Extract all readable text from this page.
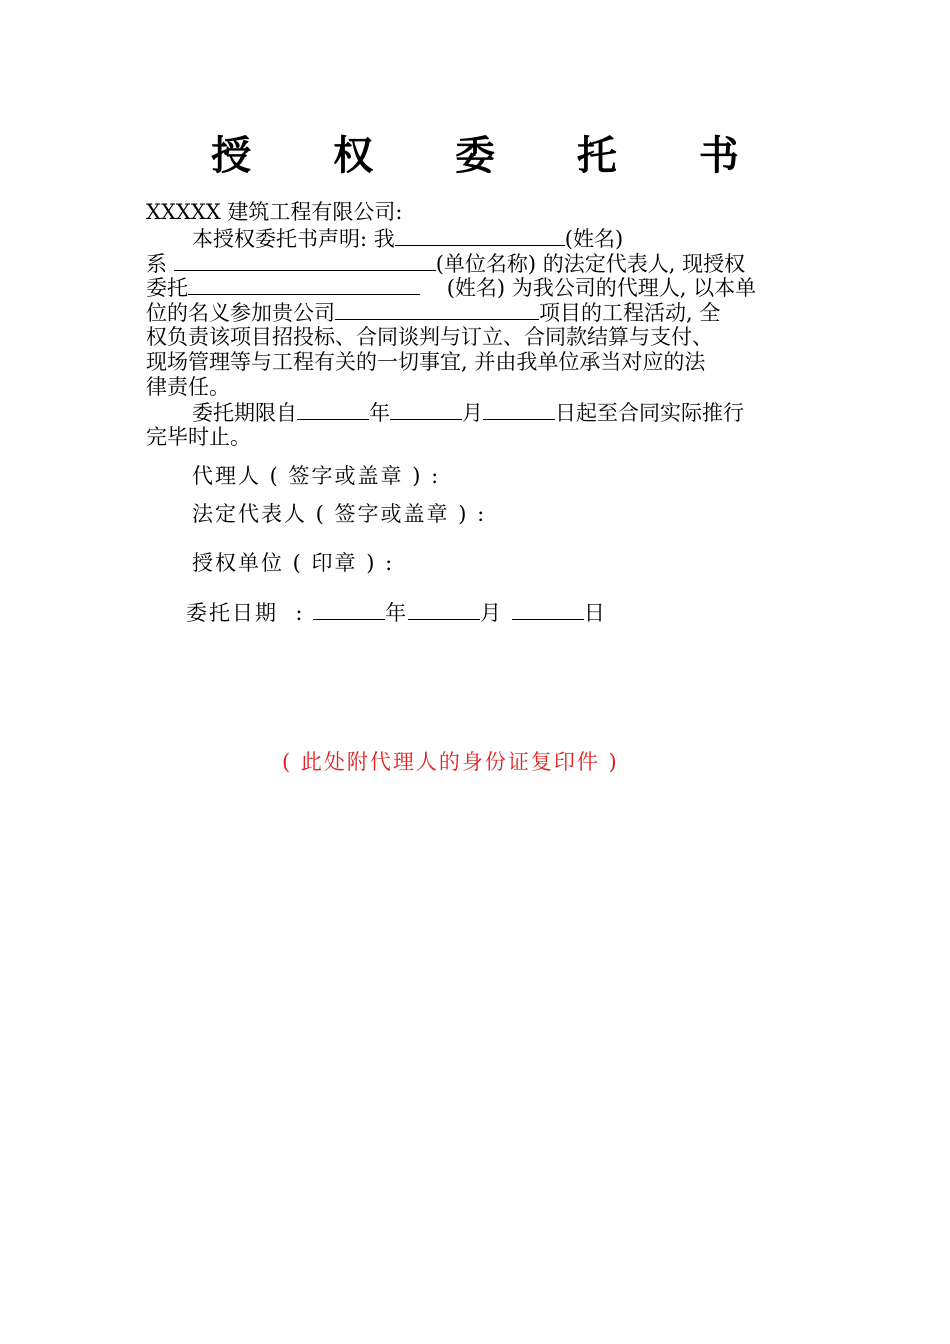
授 权 委 托 书
XXXXX 建筑工程有限公司:
本授权委托书声明: 我	(姓名)
系	(单位名称) 的法定代表人, 现授权
委托	(姓名) 为我公司的代理人, 以本单
位的名义参加贵公司	项目的工程活动, 全
权负责该项目招投标、合同谈判与订立、合同款结算与支付、
现场管理等与工程有关的一切事宜, 并由我单位承当对应的法
律责任。
委托期限自	年	月	日起至合同实际推行
完毕时止。
代理人 ( 签字或盖章 ) :
法定代表人 ( 签字或盖章 ) :
授权单位 ( 印章 ) :
委托日期  :	年	月	日
( 此处附代理人的身份证复印件 )
